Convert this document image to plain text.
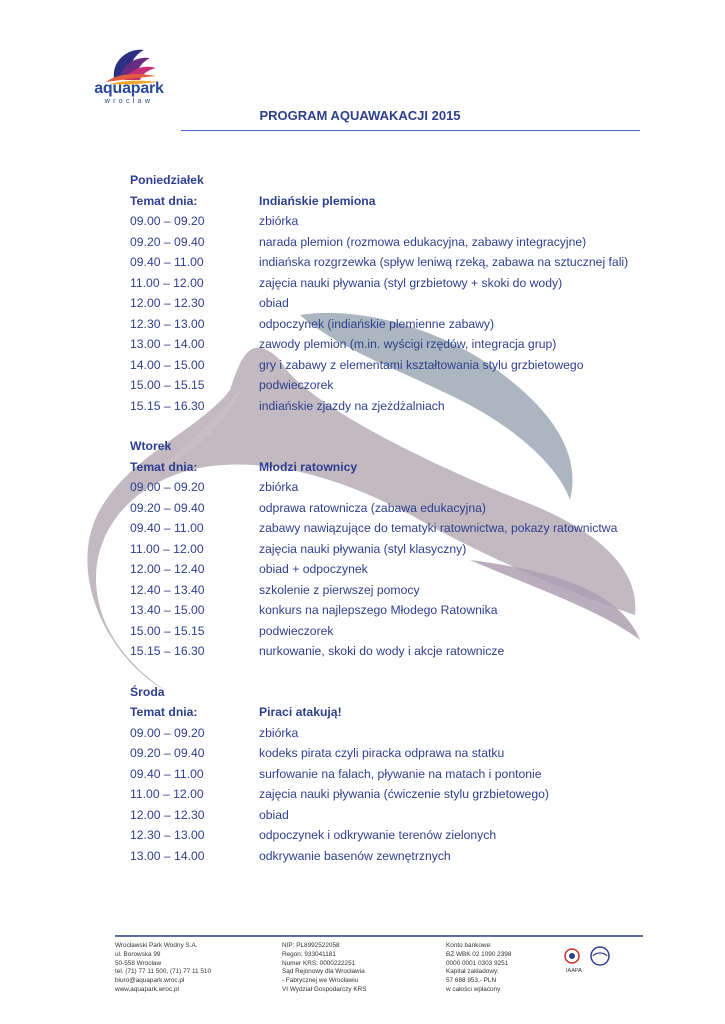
aquapark
wrocław
PROGRAM AQUAWAKACJI 2015
Poniedziałek
Temat dnia:	Indiańskie plemiona
09.00 – 09.20	zbiórka
09.20 – 09.40	narada plemion (rozmowa edukacyjna, zabawy integracyjne)
09.40 – 11.00	indiańska rozgrzewka (spływ leniwą rzeką, zabawa na sztucznej fali)
11.00 – 12.00	zajęcia nauki pływania (styl grzbietowy + skoki do wody)
12.00 – 12.30	obiad
12.30 – 13.00	odpoczynek (indiańskie plemienne zabawy)
13.00 – 14.00	zawody plemion (m.in. wyścigi rzędów, integracja grup)
14.00 – 15.00	gry i zabawy z elementami kształtowania stylu grzbietowego
15.00 – 15.15	podwieczorek
15.15 – 16.30	indiańskie zjazdy na zjeżdżalniach
Wtorek
Temat dnia:	Młodzi ratownicy
09.00 – 09.20	zbiórka
09.20 – 09.40	odprawa ratownicza (zabawa edukacyjna)
09.40 – 11.00	zabawy nawiązujące do tematyki ratownictwa, pokazy ratownictwa
11.00 – 12.00	zajęcia nauki pływania (styl klasyczny)
12.00 – 12.40	obiad + odpoczynek
12.40 – 13.40	szkolenie z pierwszej pomocy
13.40 – 15.00	konkurs na najlepszego Młodego Ratownika
15.00 – 15.15	podwieczorek
15.15 – 16.30	nurkowanie, skoki do wody i akcje ratownicze
Środa
Temat dnia:	Piraci atakują!
09.00 – 09.20	zbiórka
09.20 – 09.40	kodeks pirata czyli piracka odprawa na statku
09.40 – 11.00	surfowanie na falach, pływanie na matach i pontonie
11.00 – 12.00	zajęcia nauki pływania (ćwiczenie stylu grzbietowego)
12.00 – 12.30	obiad
12.30 – 13.00	odpoczynek i odkrywanie terenów zielonych
13.00 – 14.00	odkrywanie basenów zewnętrznych
Wrocławski Park Wodny S.A.
ul. Borowska 99
50-558 Wrocław
tel. (71) 77 11 500, (71) 77 11 510
biuro@aquapark.wroc.pl
www.aquapark.wroc.pl
NIP: PL8992522058
Regon: 933041181
Numer KRS: 0000222251
Sąd Rejonowy dla Wrocławia
- Fabrycznej we Wrocławiu
VI Wydział Gospodarczy KRS
Konto bankowe:
BZ WBK 02 1090 2398
0000 0001 0303 9251
Kapitał zakładowy:
57 688 953,- PLN
w całości wpłacony
IAAPA
